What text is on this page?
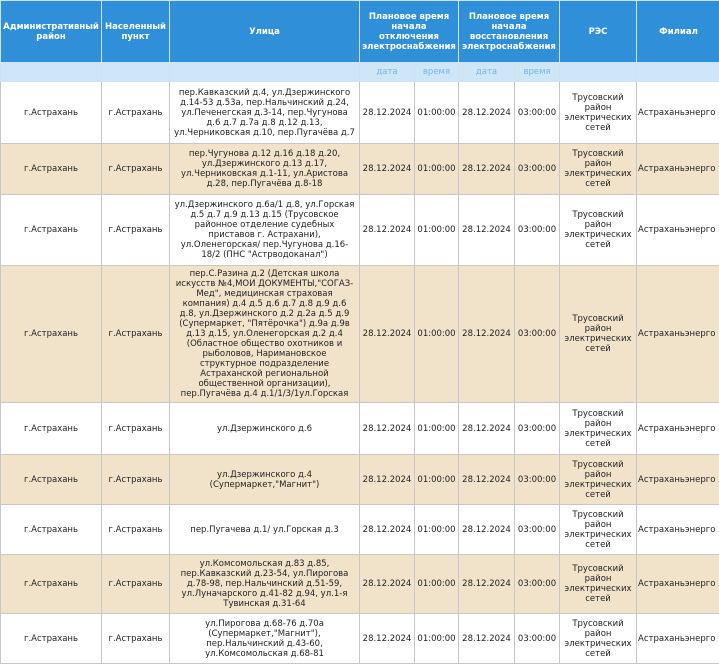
Административный район	Населенный пункт	Улица	Плановое время начала отключения электроснабжения		Плановое время начала восстановления электроснабжения		РЭС	Филиал
			дата	время	дата	время		
г.Астрахань	г.Астрахань	пер.Кавказский д.4, ул.Дзержинского д.14-53 д.53а, пер.Нальчинский д.24, ул.Печенегская д.3-14, пер.Чугунова д.6 д.7 д.7а д.8 д.12 д.13, ул.Черниковская д.10, пер.Пугачёва д.7	28.12.2024	01:00:00	28.12.2024	03:00:00	Трусовский район электрических сетей	Астраханьэнерго
г.Астрахань	г.Астрахань	пер.Чугунова д.12 д.16 д.18 д.20, ул.Дзержинского д.13 д.17, ул.Черниковская д.1-11, ул.Аристова д.28, пер.Пугачёва д.8-18	28.12.2024	01:00:00	28.12.2024	03:00:00	Трусовский район электрических сетей	Астраханьэнерго
г.Астрахань	г.Астрахань	ул.Дзержинского д.6а/1 д.8, ул.Горская д.5 д.7 д.9 д.13 д.15 (Трусовское районное отделение судебных приставов г. Астрахани), ул.Оленегорская/ пер.Чугунова д.16-18/2 (ПНС "Астрводоканал")	28.12.2024	01:00:00	28.12.2024	03:00:00	Трусовский район электрических сетей	Астраханьэнерго
г.Астрахань	г.Астрахань	пер.С.Разина д.2 (Детская школа искусств №4,МОИ ДОКУМЕНТЫ,"СОГАЗ-Мед", медицинская страховая компания) д.4 д.5 д.6 д.7 д.8 д.9 д.6 д.8, ул.Дзержинского д.2 д.2а д.5 д.9 (Супермаркет, "Пятёрочка") д.9а д.9в д.13 д.15, ул.Оленегорская д.2 д.4 (Областное общество охотников и рыболовов, Наримановское структурное подразделение Астраханской региональной общественной организации), пер.Пугачёва д.4 д.1/1/3/1ул.Горская	28.12.2024	01:00:00	28.12.2024	03:00:00	Трусовский район электрических сетей	Астраханьэнерго
г.Астрахань	г.Астрахань	ул.Дзержинского д.6	28.12.2024	01:00:00	28.12.2024	03:00:00	Трусовский район электрических сетей	Астраханьэнерго
г.Астрахань	г.Астрахань	ул.Дзержинского д.4 (Супермаркет,"Магнит")	28.12.2024	01:00:00	28.12.2024	03:00:00	Трусовский район электрических сетей	Астраханьэнерго
г.Астрахань	г.Астрахань	пер.Пугачева д.1/ ул.Горская д.3	28.12.2024	01:00:00	28.12.2024	03:00:00	Трусовский район электрических сетей	Астраханьэнерго
г.Астрахань	г.Астрахань	ул.Комсомольская д.83 д.85, пер.Кавказский д.23-54, ул.Пирогова д.78-98, пер.Нальчинский д.51-59, ул.Луначарского д.41-82 д.94, ул.1-я Тувинская д.31-64	28.12.2024	01:00:00	28.12.2024	03:00:00	Трусовский район электрических сетей	Астраханьэнерго
г.Астрахань	г.Астрахань	ул.Пирогова д.68-76 д.70а (Супермаркет,"Магнит"), пер.Нальчинский д.43-60, ул.Комсомольская д.68-81	28.12.2024	01:00:00	28.12.2024	03:00:00	Трусовский район электрических сетей	Астраханьэнерго
